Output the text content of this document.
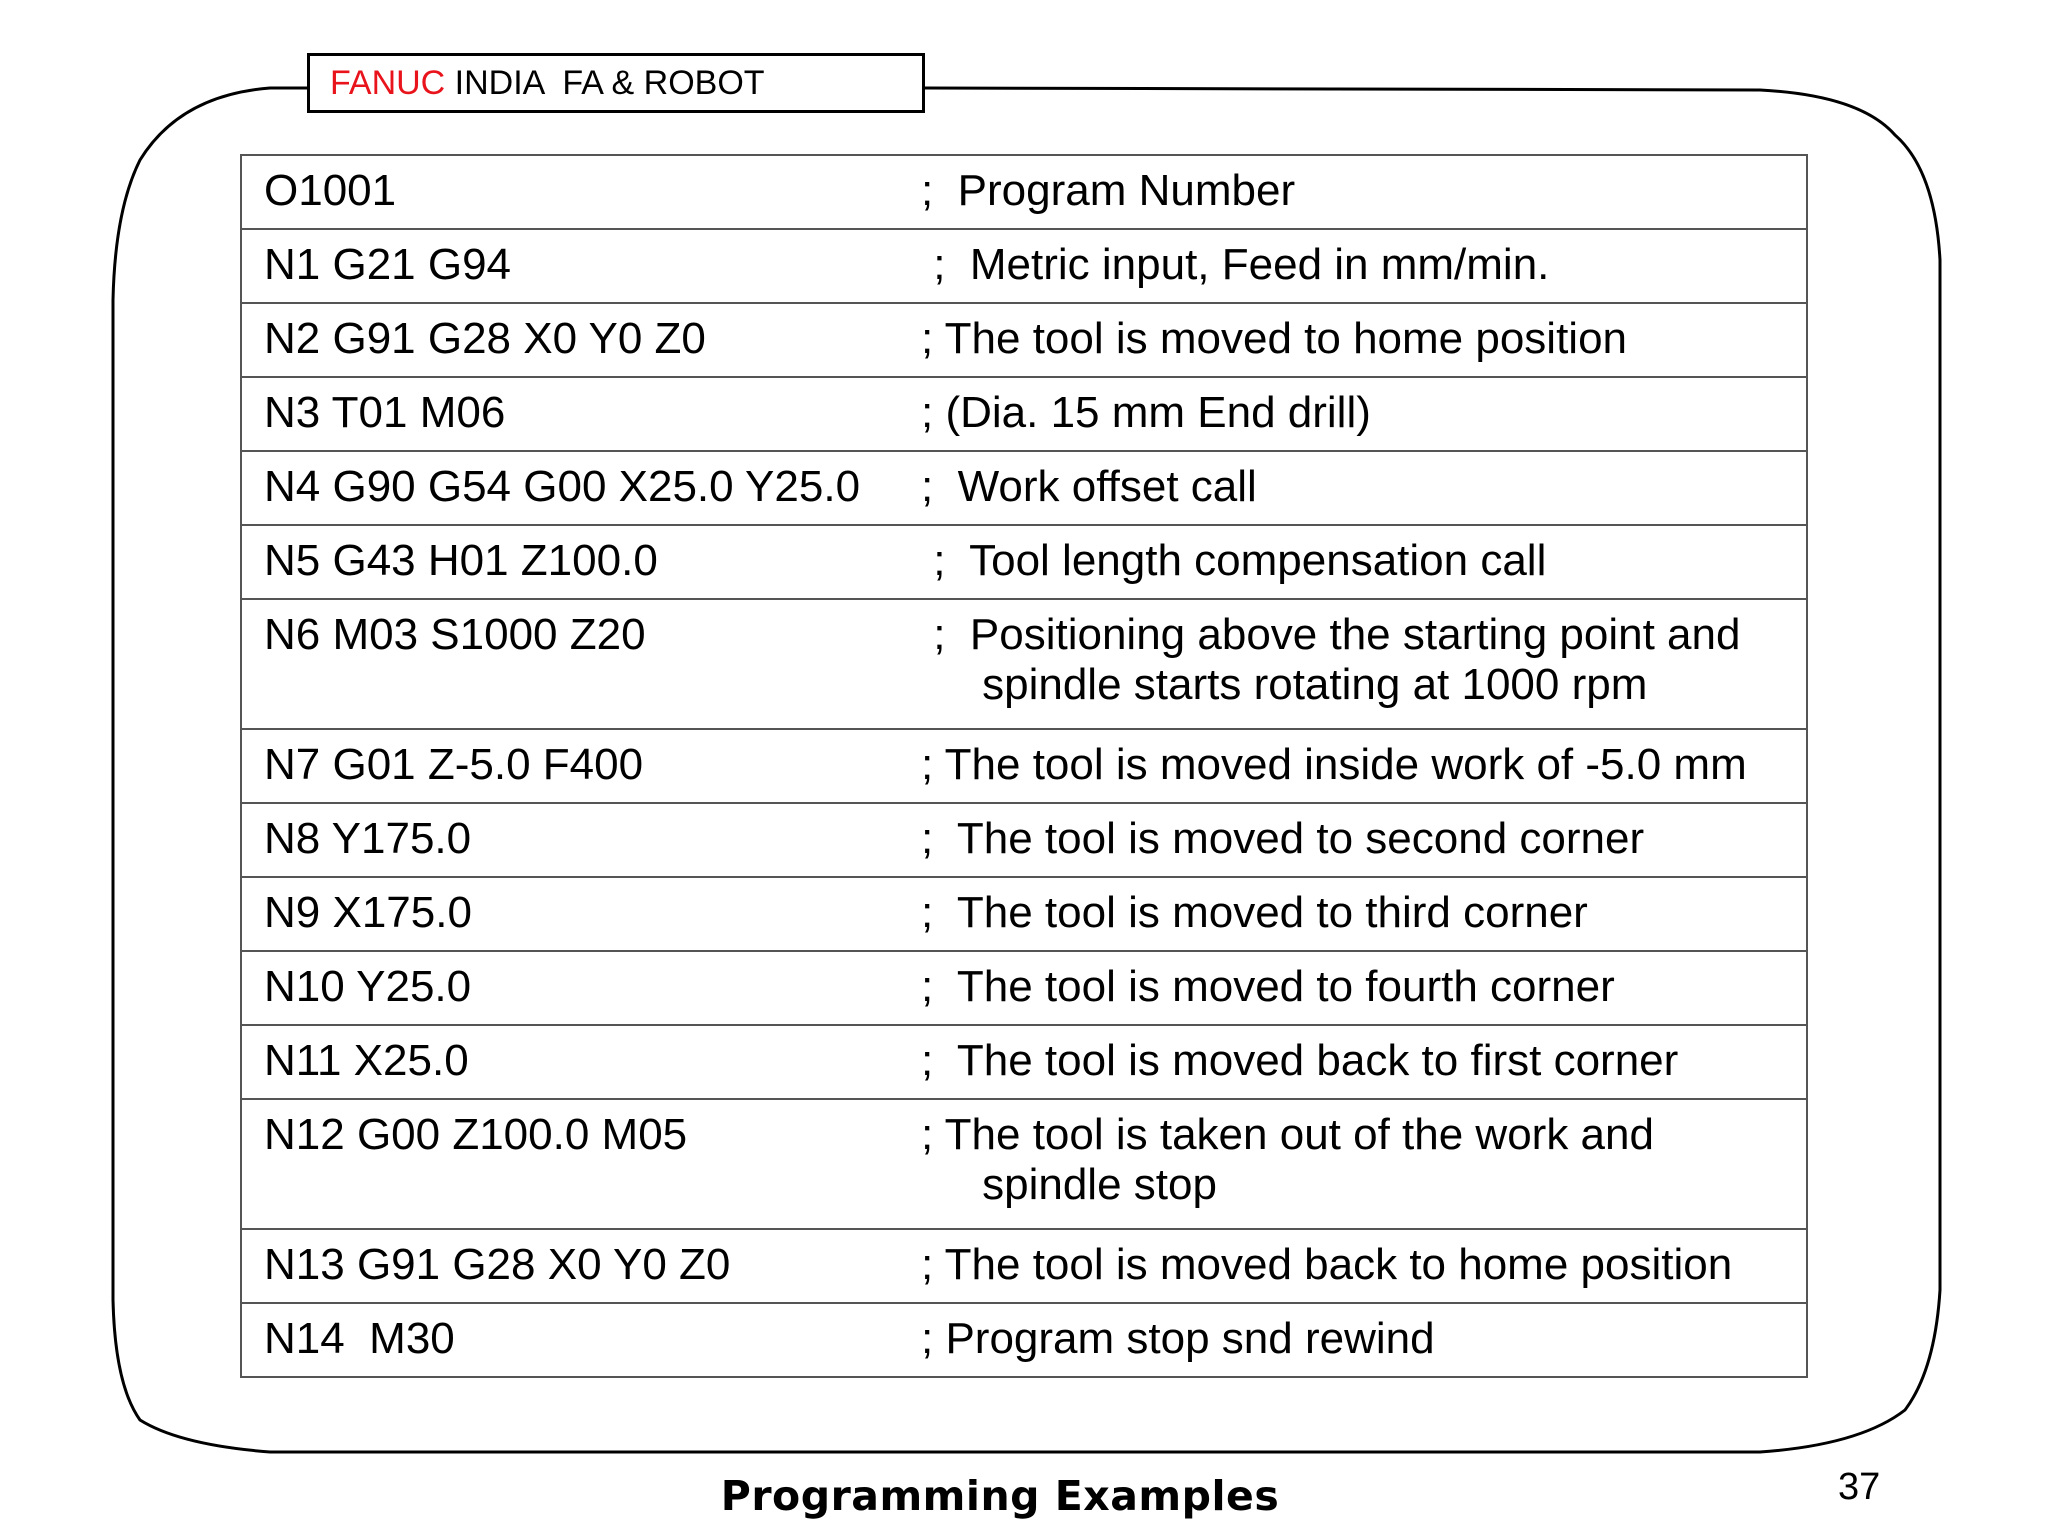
FANUC INDIA  FA & ROBOT
O1001	;  Program Number
N1 G21 G94	;  Metric input, Feed in mm/min.
N2 G91 G28 X0 Y0 Z0	; The tool is moved to home position
N3 T01 M06	; (Dia. 15 mm End drill)
N4 G90 G54 G00 X25.0 Y25.0	;  Work offset call
N5 G43 H01 Z100.0	;  Tool length compensation call
N6 M03 S1000 Z20	;  Positioning above the starting point and
spindle starts rotating at 1000 rpm
N7 G01 Z-5.0 F400	; The tool is moved inside work of -5.0 mm
N8 Y175.0	;  The tool is moved to second corner
N9 X175.0	;  The tool is moved to third corner
N10 Y25.0	;  The tool is moved to fourth corner
N11 X25.0	;  The tool is moved back to first corner
N12 G00 Z100.0 M05	; The tool is taken out of the work and
spindle stop
N13 G91 G28 X0 Y0 Z0	; The tool is moved back to home position
N14  M30	; Program stop snd rewind
Programming Examples	37
